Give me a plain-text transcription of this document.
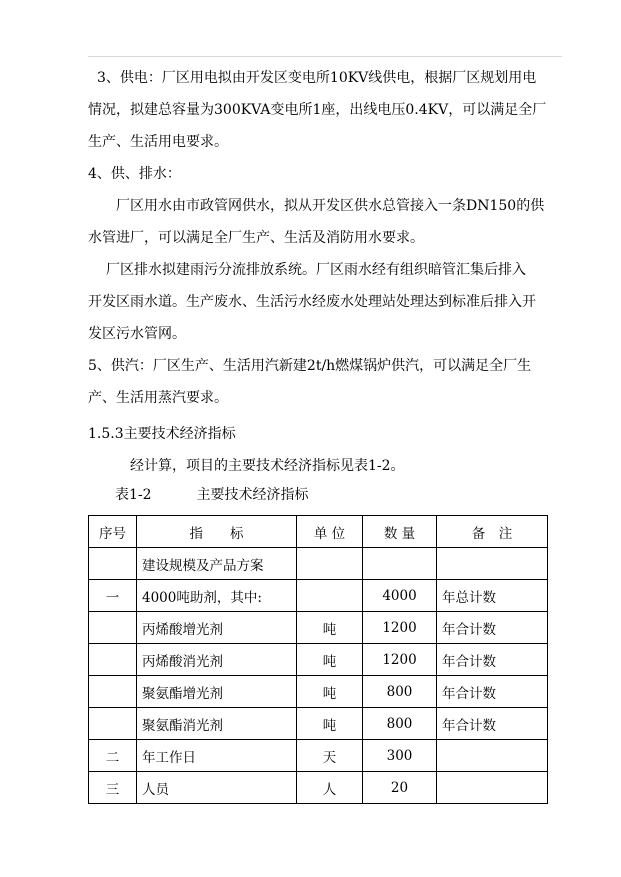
3、供电：厂区用电拟由开发区变电所10KV线供电，根据厂区规划用电
情况，拟建总容量为300KVA变电所1座，出线电压0.4KV，可以满足全厂
生产、生活用电要求。

4、供、排水：

厂区用水由市政管网供水，拟从开发区供水总管接入一条DN150的供
水管进厂，可以满足全厂生产、生活及消防用水要求。

厂区排水拟建雨污分流排放系统。厂区雨水经有组织暗管汇集后排入
开发区雨水道。生产废水、生活污水经废水处理站处理达到标准后排入开
发区污水管网。

5、供汽：厂区生产、生活用汽新建2t/h燃煤锅炉供汽，可以满足全厂生
产、生活用蒸汽要求。

1.5.3主要技术经济指标

经计算，项目的主要技术经济指标见表1-2。

表1-2	主要技术经济指标
序号	指　　标	单 位	数 量	备　注
	建设规模及产品方案			
一	4000吨助剂，其中:		4000	年总计数
	丙烯酸增光剂	吨	1200	年合计数
	丙烯酸消光剂	吨	1200	年合计数
	聚氨酯增光剂	吨	800	年合计数
	聚氨酯消光剂	吨	800	年合计数
二	年工作日	天	300	
三	人员	人	20	
